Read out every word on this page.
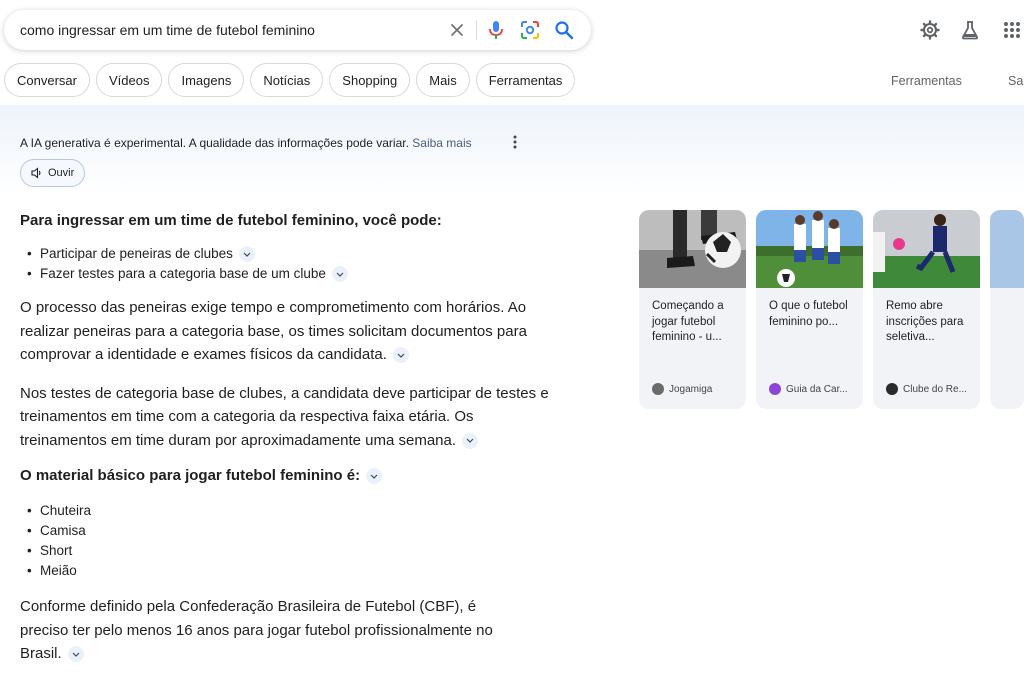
como ingressar em um time de futebol feminino
Conversar	Vídeos	Imagens	Notícias	Shopping	Mais	Ferramentas	Ferramentas	Sa
A IA generativa é experimental. A qualidade das informações pode variar. Saiba mais
Ouvir
Para ingressar em um time de futebol feminino, você pode:
• Participar de peneiras de clubes
• Fazer testes para a categoria base de um clube

O processo das peneiras exige tempo e comprometimento com horários. Ao realizar peneiras para a categoria base, os times solicitam documentos para comprovar a identidade e exames físicos da candidata.

Nos testes de categoria base de clubes, a candidata deve participar de testes e treinamentos em time com a categoria da respectiva faixa etária. Os treinamentos em time duram por aproximadamente uma semana.

O material básico para jogar futebol feminino é:
• Chuteira
• Camisa
• Short
• Meião

Conforme definido pela Confederação Brasileira de Futebol (CBF), é preciso ter pelo menos 16 anos para jogar futebol profissionalmente no Brasil.

Começando a jogar futebol feminino - u...
Jogamiga
O que o futebol feminino po...
Guia da Car...
Remo abre inscrições para seletiva...
Clube do Re...
